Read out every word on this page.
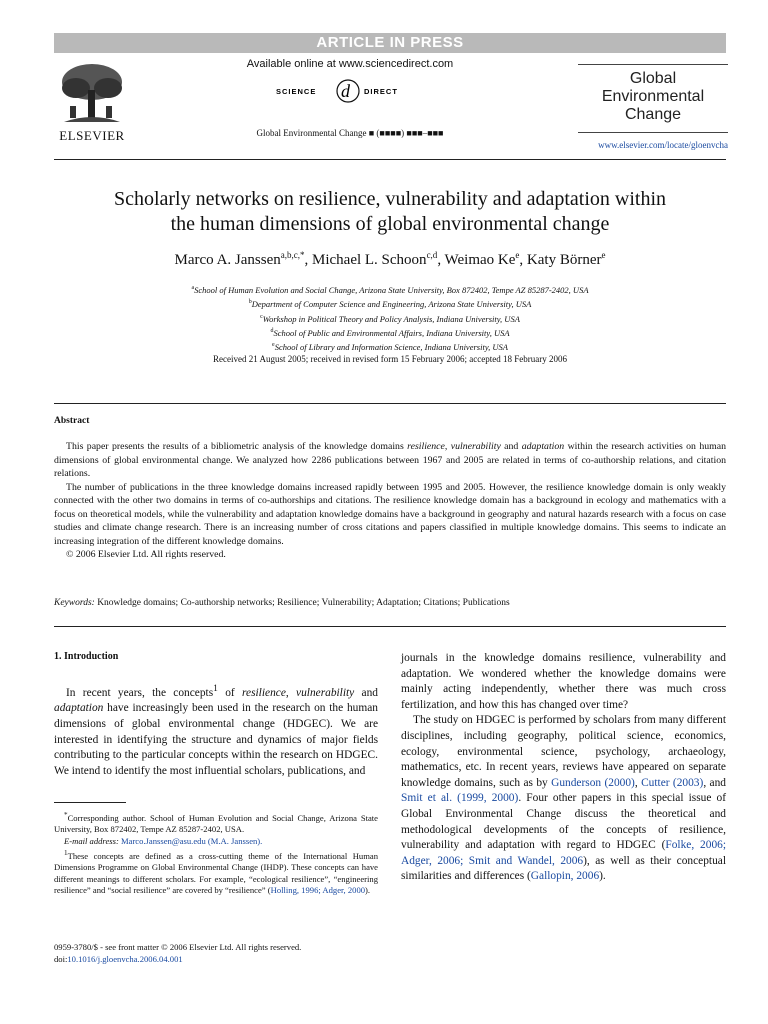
ARTICLE IN PRESS
Available online at www.sciencedirect.com
SCIENCE d DIRECT
Global Environmental Change ■ (■■■■) ■■■–■■■
ELSEVIER
Global
Environmental
Change
www.elsevier.com/locate/gloenvcha
Scholarly networks on resilience, vulnerability and adaptation within
the human dimensions of global environmental change
Marco A. Janssen$^{a,b,c,*}$, Michael L. Schoon$^{c,d}$, Weimao Ke$^e$, Katy Börner$^e$
$^a$School of Human Evolution and Social Change, Arizona State University, Box 872402, Tempe AZ 85287-2402, USA
$^b$Department of Computer Science and Engineering, Arizona State University, USA
$^c$Workshop in Political Theory and Policy Analysis, Indiana University, USA
$^d$School of Public and Environmental Affairs, Indiana University, USA
$^e$School of Library and Information Science, Indiana University, USA
Received 21 August 2005; received in revised form 15 February 2006; accepted 18 February 2006
Abstract

This paper presents the results of a bibliometric analysis of the knowledge domains resilience, vulnerability and adaptation within the research activities on human dimensions of global environmental change. We analyzed how 2286 publications between 1967 and 2005 are related in terms of co-authorship relations, and citation relations.

The number of publications in the three knowledge domains increased rapidly between 1995 and 2005. However, the resilience knowledge domain is only weakly connected with the other two domains in terms of co-authorships and citations. The resilience knowledge domain has a background in ecology and mathematics with a focus on theoretical models, while the vulnerability and adaptation knowledge domains have a background in geography and natural hazards research with a focus on case studies and climate change research. There is an increasing number of cross citations and papers classified in multiple knowledge domains. This seems to indicate an increasing integration of the different knowledge domains.

© 2006 Elsevier Ltd. All rights reserved.

Keywords: Knowledge domains; Co-authorship networks; Resilience; Vulnerability; Adaptation; Citations; Publications
1. Introduction

In recent years, the concepts$^1$ of resilience, vulnerability and adaptation have increasingly been used in the research on the human dimensions of global environmental change (HDGEC). We are interested in identifying the structure and dynamics of major fields contributing to the particular concepts within the research on HDGEC. We intend to identify the most influential scholars, publications, and

journals in the knowledge domains resilience, vulnerability and adaptation. We wondered whether the knowledge domains were mainly acting independently, whether there was much cross fertilization, and how this has changed over time?

The study on HDGEC is performed by scholars from many different disciplines, including geography, political science, economics, ecology, environmental science, psychology, archaeology, mathematics, etc. In recent years, reviews have appeared on separate knowledge domains, such as by Gunderson (2000), Cutter (2003), and Smit et al. (1999, 2000). Four other papers in this special issue of Global Environmental Change discuss the theoretical and methodological developments of the concepts of resilience, vulnerability and adaptation with regard to HDGEC (Folke, 2006; Adger, 2006; Smit and Wandel, 2006), as well as their conceptual similarities and differences (Gallopin, 2006).

*Corresponding author. School of Human Evolution and Social Change, Arizona State University, Box 872402, Tempe AZ 85287-2402, USA.

E-mail address: Marco.Janssen@asu.edu (M.A. Janssen).

$^1$These concepts are defined as a cross-cutting theme of the International Human Dimensions Programme on Global Environmental Change (IHDP). These concepts can have different meanings to different scholars. For example, “ecological resilience”, “engineering resilience” and “social resilience” are covered by “resilience” (Holling, 1996; Adger, 2000).

0959-3780/$ - see front matter © 2006 Elsevier Ltd. All rights reserved.
doi:10.1016/j.gloenvcha.2006.04.001
